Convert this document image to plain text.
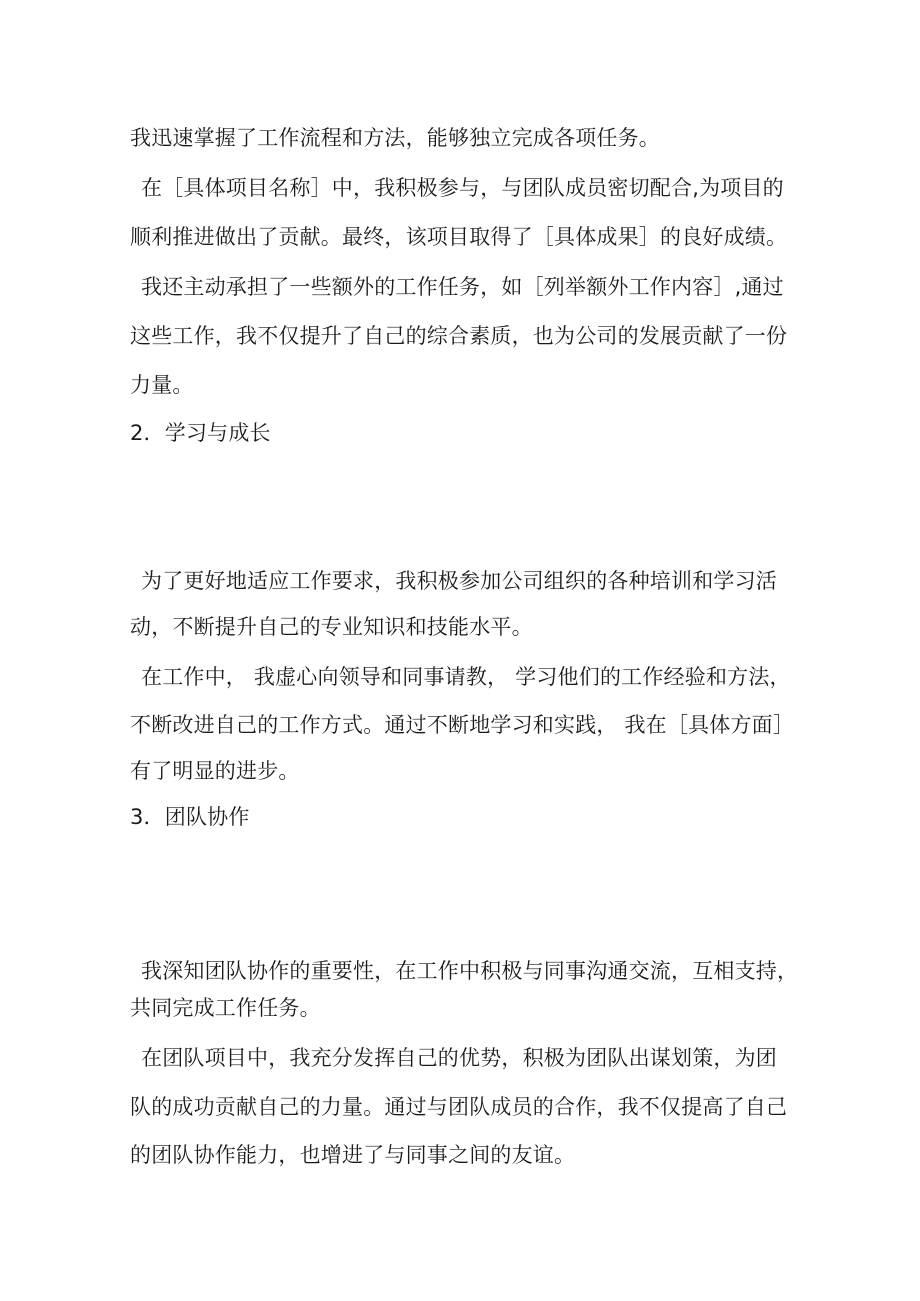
我迅速掌握了工作流程和方法，能够独立完成各项任务。
在［具体项目名称］中，我积极参与，与团队成员密切配合,为项目的
顺利推进做出了贡献。最终，该项目取得了［具体成果］的良好成绩。
我还主动承担了一些额外的工作任务，如［列举额外工作内容］,通过
这些工作，我不仅提升了自己的综合素质，也为公司的发展贡献了一份
力量。
2．学习与成长
为了更好地适应工作要求，我积极参加公司组织的各种培训和学习活
动，不断提升自己的专业知识和技能水平。
在工作中， 我虚心向领导和同事请教， 学习他们的工作经验和方法，
不断改进自己的工作方式。通过不断地学习和实践， 我在［具体方面］
有了明显的进步。
3．团队协作
我深知团队协作的重要性，在工作中积极与同事沟通交流，互相支持，
共同完成工作任务。
在团队项目中，我充分发挥自己的优势，积极为团队出谋划策，为团
队的成功贡献自己的力量。通过与团队成员的合作，我不仅提高了自己
的团队协作能力，也增进了与同事之间的友谊。
